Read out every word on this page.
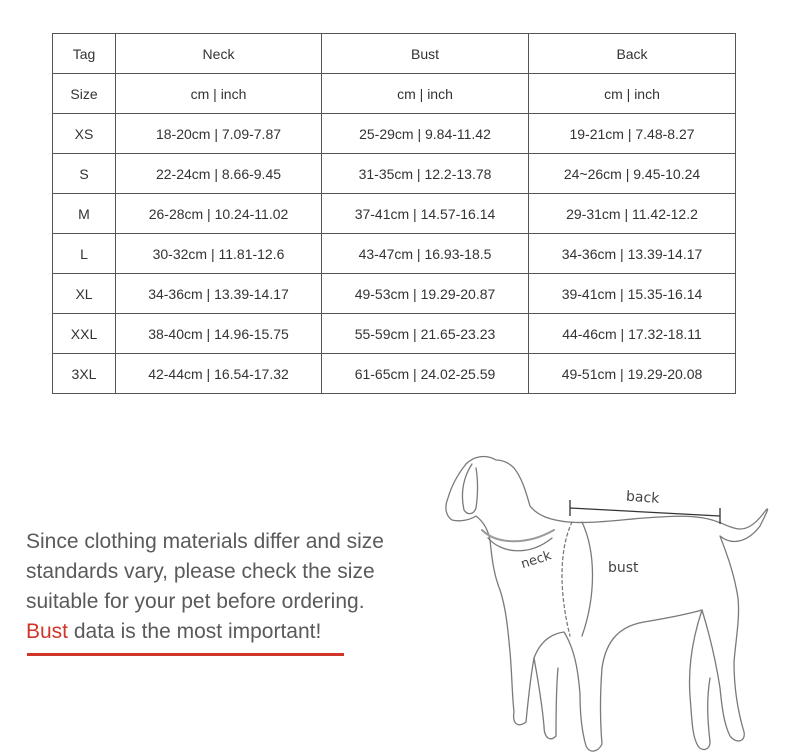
Tag	Neck	Bust	Back
Size	cm | inch	cm | inch	cm | inch
XS	18-20cm | 7.09-7.87	25-29cm | 9.84-11.42	19-21cm | 7.48-8.27
S	22-24cm | 8.66-9.45	31-35cm | 12.2-13.78	24~26cm | 9.45-10.24
M	26-28cm | 10.24-11.02	37-41cm | 14.57-16.14	29-31cm | 11.42-12.2
L	30-32cm | 11.81-12.6	43-47cm | 16.93-18.5	34-36cm | 13.39-14.17
XL	34-36cm | 13.39-14.17	49-53cm | 19.29-20.87	39-41cm | 15.35-16.14
XXL	38-40cm | 14.96-15.75	55-59cm | 21.65-23.23	44-46cm | 17.32-18.11
3XL	42-44cm | 16.54-17.32	61-65cm | 24.02-25.59	49-51cm | 19.29-20.08

Since clothing materials differ and size

standards vary, please check the size

suitable for your pet before ordering.

Bust data is the most important!

back
neck	bust
